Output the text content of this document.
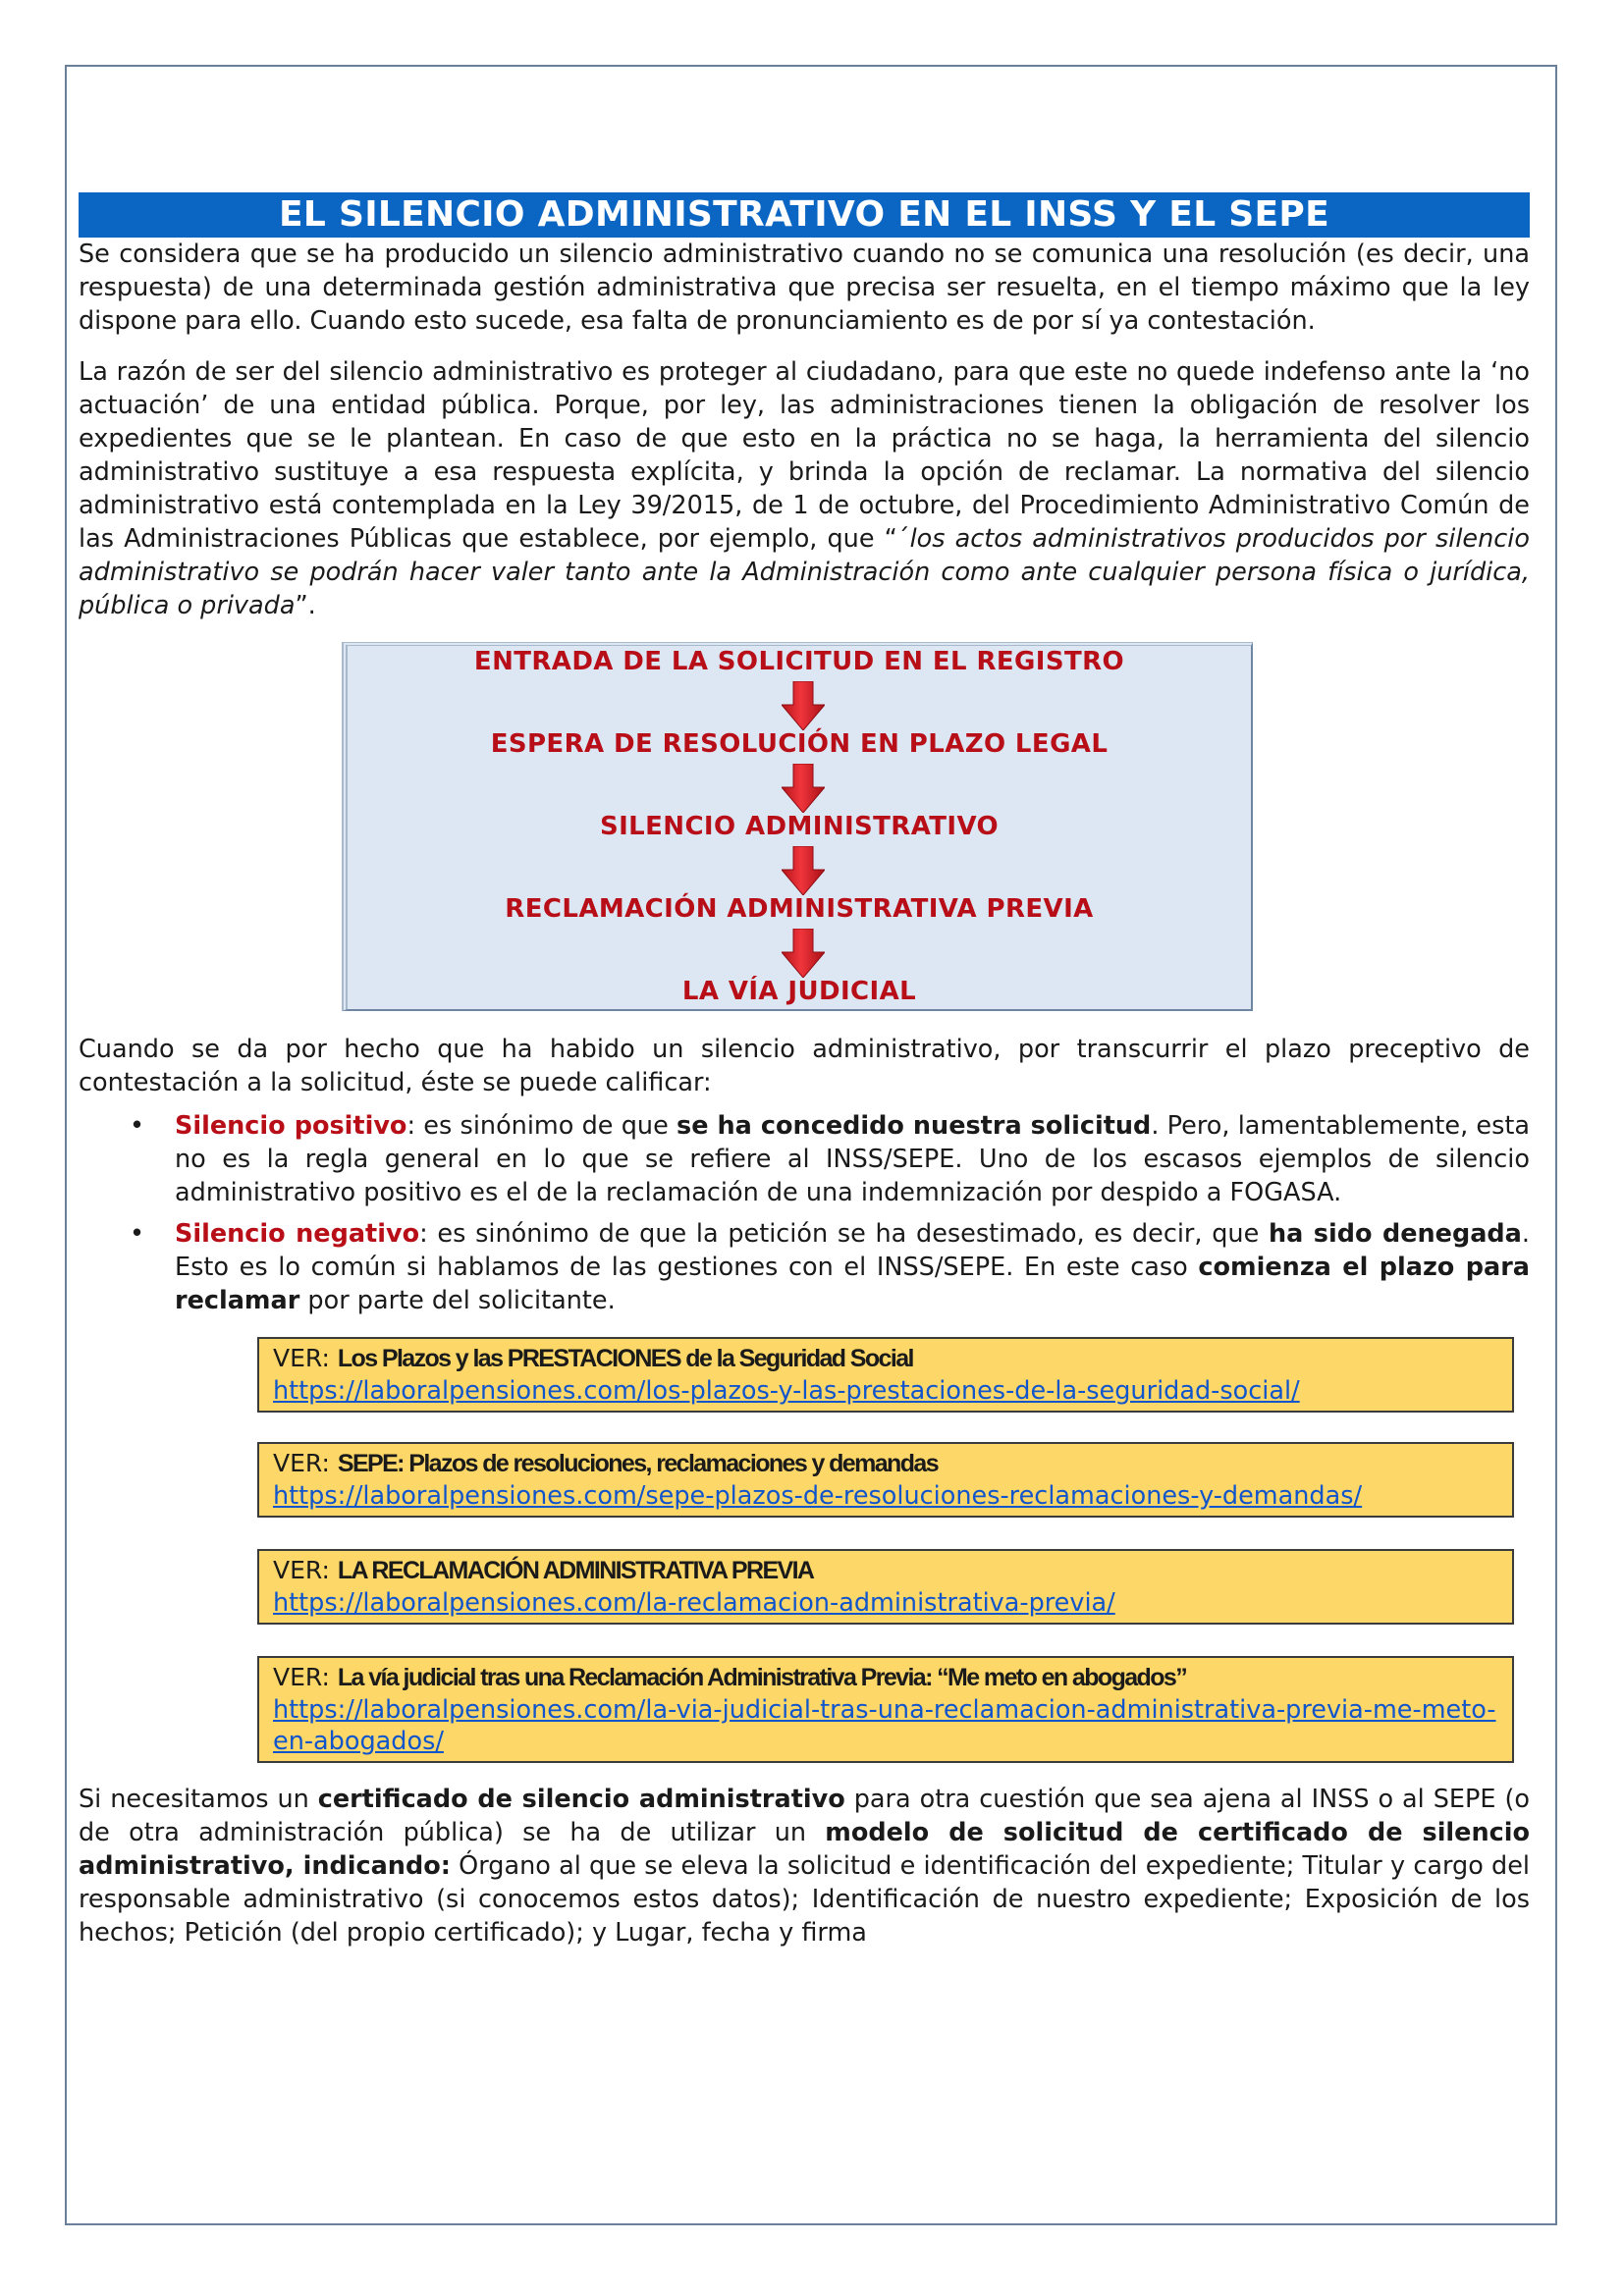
EL SILENCIO ADMINISTRATIVO EN EL INSS Y EL SEPE

Se considera que se ha producido un silencio administrativo cuando no se comunica una resolución (es decir, una respuesta) de una determinada gestión administrativa que precisa ser resuelta, en el tiempo máximo que la ley dispone para ello. Cuando esto sucede, esa falta de pronunciamiento es de por sí ya contestación.

La razón de ser del silencio administrativo es proteger al ciudadano, para que este no quede indefenso ante la ‘no actuación’ de una entidad pública. Porque, por ley, las administraciones tienen la obligación de resolver los expedientes que se le plantean. En caso de que esto en la práctica no se haga, la herramienta del silencio administrativo sustituye a esa respuesta explícita, y brinda la opción de reclamar. La normativa del silencio administrativo está contemplada en la Ley 39/2015, de 1 de octubre, del Procedimiento Administrativo Común de las Administraciones Públicas que establece, por ejemplo, que “´los actos administrativos producidos por silencio administrativo se podrán hacer valer tanto ante la Administración como ante cualquier persona física o jurídica, pública o privada”.

ENTRADA DE LA SOLICITUD EN EL REGISTRO
ESPERA DE RESOLUCIÓN EN PLAZO LEGAL
SILENCIO ADMINISTRATIVO
RECLAMACIÓN ADMINISTRATIVA PREVIA
LA VÍA JUDICIAL

Cuando se da por hecho que ha habido un silencio administrativo, por transcurrir el plazo preceptivo de contestación a la solicitud, éste se puede calificar:

• Silencio positivo: es sinónimo de que se ha concedido nuestra solicitud. Pero, lamentablemente, esta no es la regla general en lo que se refiere al INSS/SEPE. Uno de los escasos ejemplos de silencio administrativo positivo es el de la reclamación de una indemnización por despido a FOGASA.
• Silencio negativo: es sinónimo de que la petición se ha desestimado, es decir, que ha sido denegada. Esto es lo común si hablamos de las gestiones con el INSS/SEPE. En este caso comienza el plazo para reclamar por parte del solicitante.
VER: Los Plazos y las PRESTACIONES de la Seguridad Social
https://laboralpensiones.com/los-plazos-y-las-prestaciones-de-la-seguridad-social/
VER: SEPE: Plazos de resoluciones, reclamaciones y demandas
https://laboralpensiones.com/sepe-plazos-de-resoluciones-reclamaciones-y-demandas/
VER: LA RECLAMACIÓN ADMINISTRATIVA PREVIA
https://laboralpensiones.com/la-reclamacion-administrativa-previa/
VER: La vía judicial tras una Reclamación Administrativa Previa: “Me meto en abogados”
https://laboralpensiones.com/la-via-judicial-tras-una-reclamacion-administrativa-previa-me-meto-en-abogados/

Si necesitamos un certificado de silencio administrativo para otra cuestión que sea ajena al INSS o al SEPE (o de otra administración pública) se ha de utilizar un modelo de solicitud de certificado de silencio administrativo, indicando: Órgano al que se eleva la solicitud e identificación del expediente; Titular y cargo del responsable administrativo (si conocemos estos datos); Identificación de nuestro expediente; Exposición de los hechos; Petición (del propio certificado); y Lugar, fecha y firma
